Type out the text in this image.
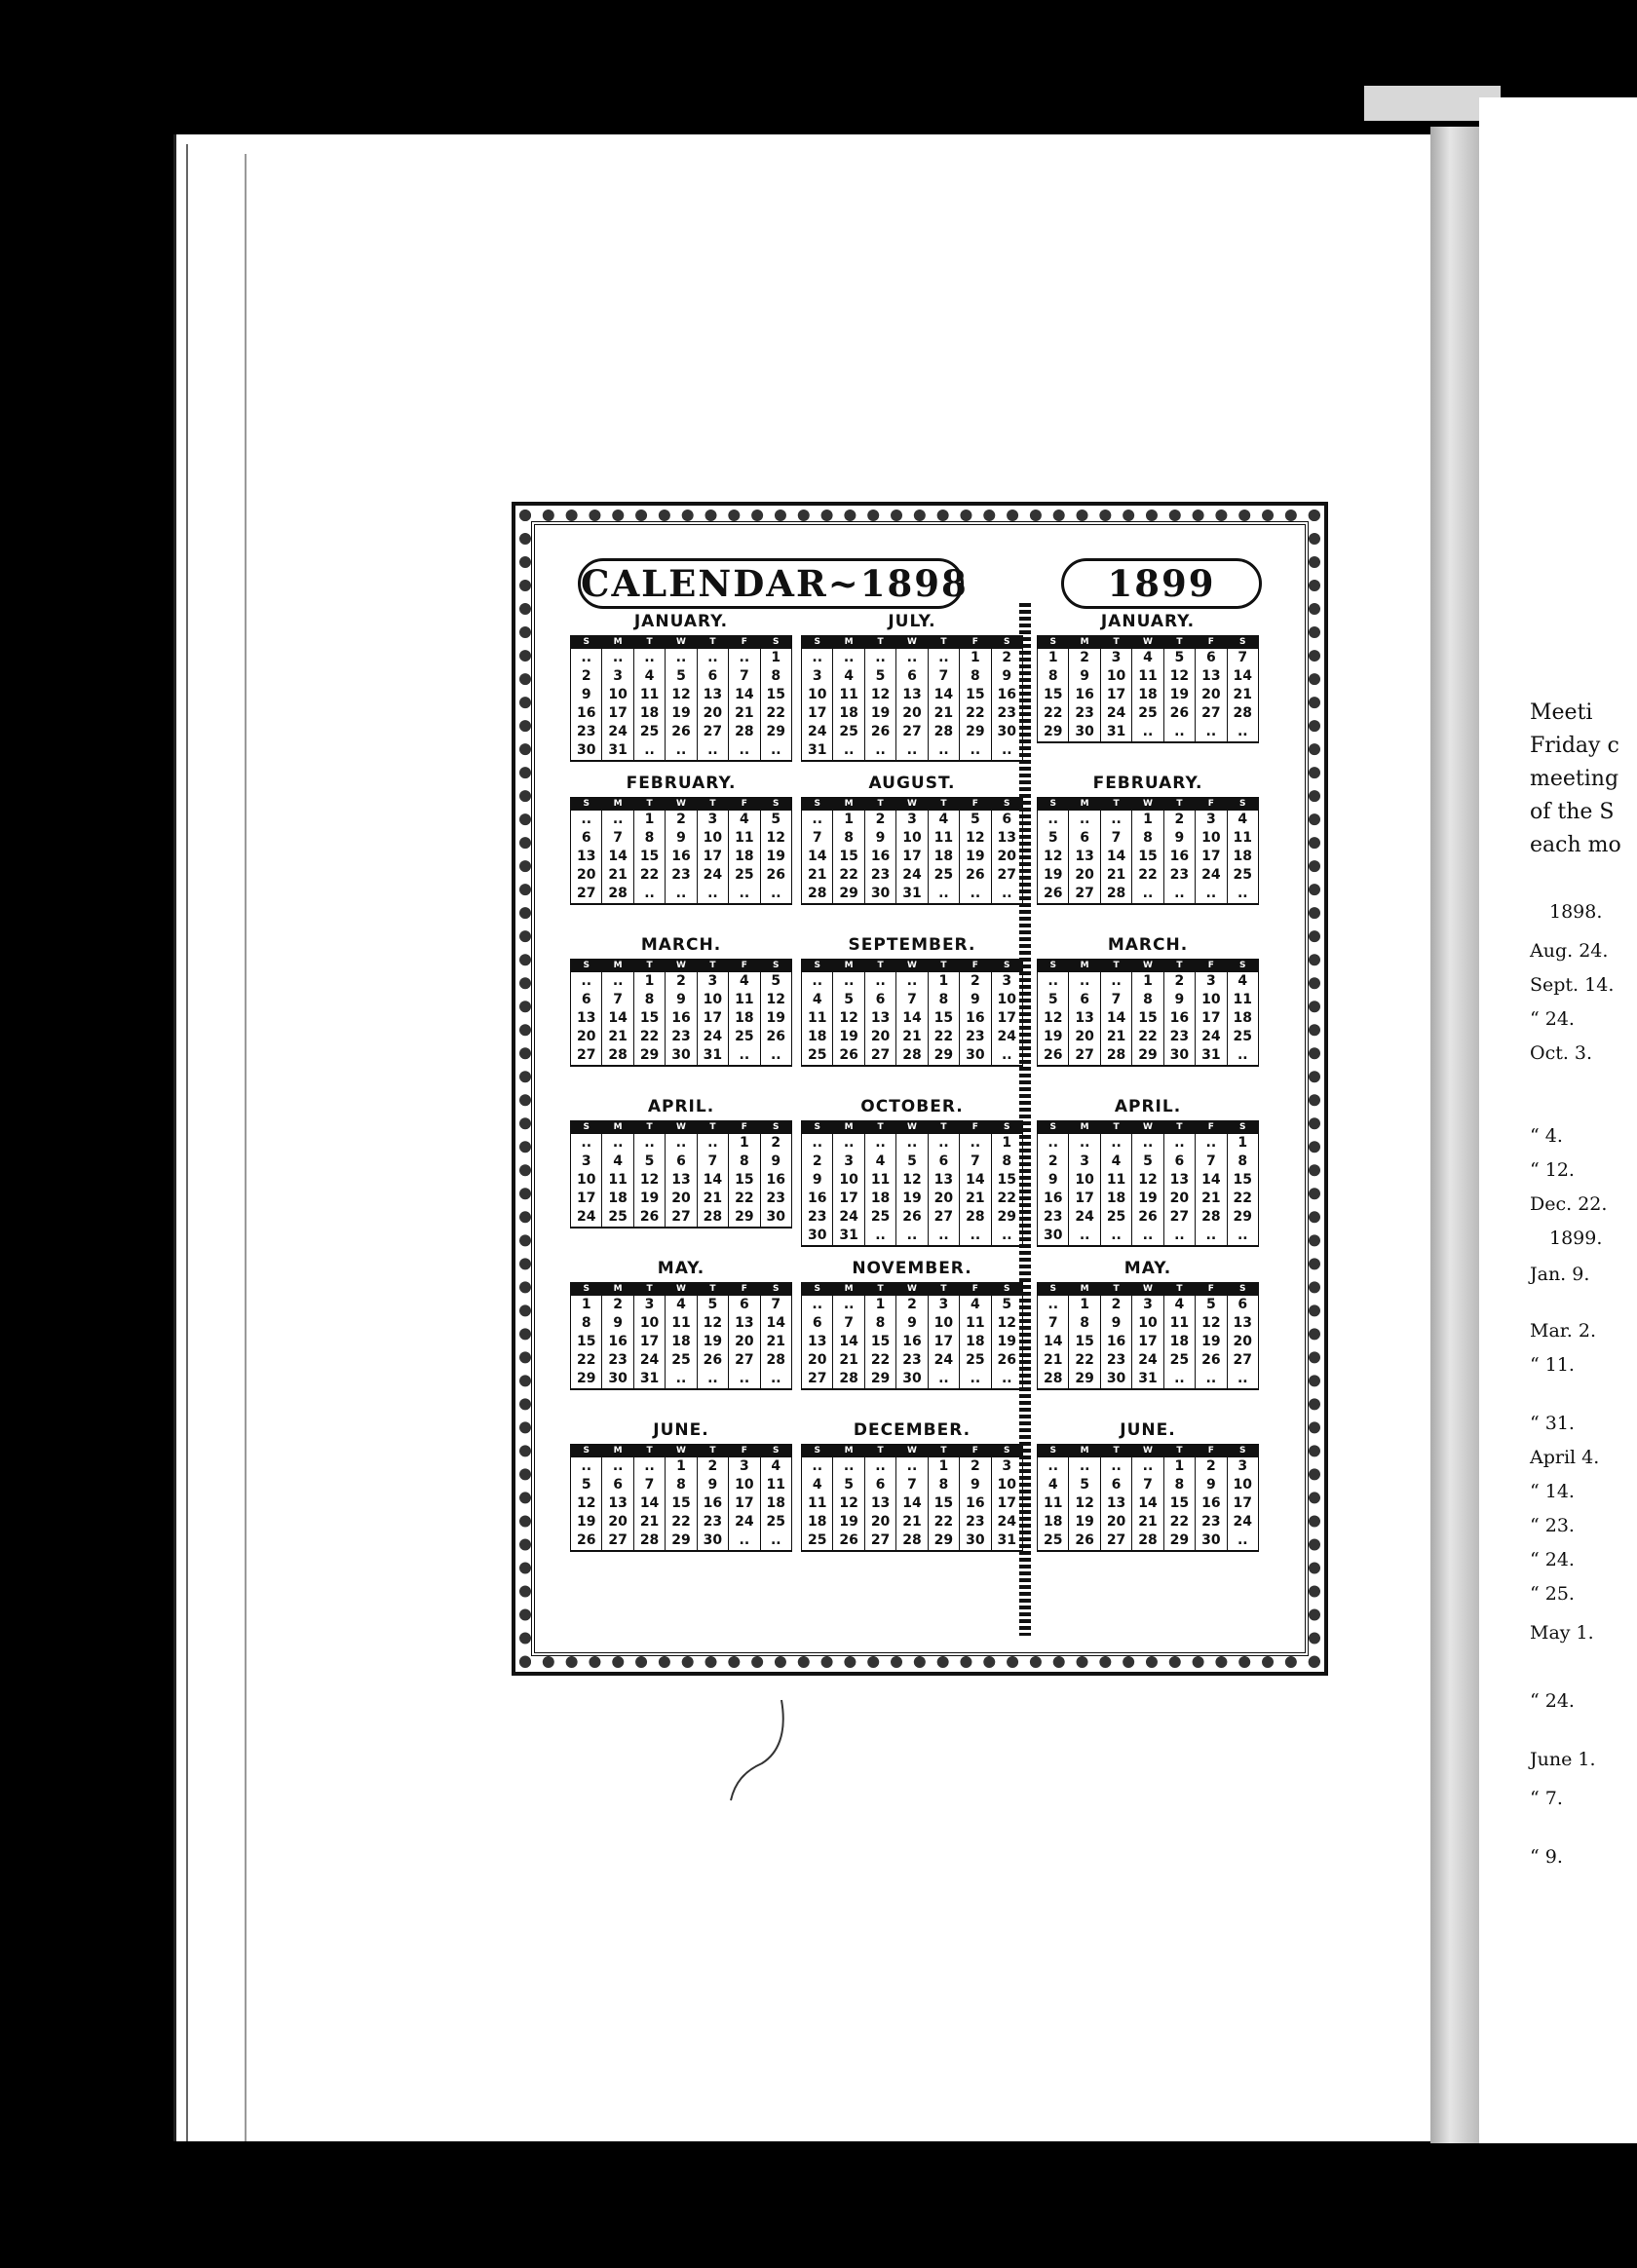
CALENDAR~1898	1899
JANUARY.
S	M	T	W	T	F	S
..	..	..	..	..	..	1
2	3	4	5	6	7	8
9	10	11	12	13	14	15
16	17	18	19	20	21	22
23	24	25	26	27	28	29
30	31	..	..	..	..	..
FEBRUARY.
S	M	T	W	T	F	S
..	..	1	2	3	4	5
6	7	8	9	10	11	12
13	14	15	16	17	18	19
20	21	22	23	24	25	26
27	28	..	..	..	..	..
MARCH.
S	M	T	W	T	F	S
..	..	1	2	3	4	5
6	7	8	9	10	11	12
13	14	15	16	17	18	19
20	21	22	23	24	25	26
27	28	29	30	31	..	..
APRIL.
S	M	T	W	T	F	S
..	..	..	..	..	1	2
3	4	5	6	7	8	9
10	11	12	13	14	15	16
17	18	19	20	21	22	23
24	25	26	27	28	29	30
MAY.
S	M	T	W	T	F	S
1	2	3	4	5	6	7
8	9	10	11	12	13	14
15	16	17	18	19	20	21
22	23	24	25	26	27	28
29	30	31	..	..	..	..
JUNE.
S	M	T	W	T	F	S
..	..	..	1	2	3	4
5	6	7	8	9	10	11
12	13	14	15	16	17	18
19	20	21	22	23	24	25
26	27	28	29	30	..	..
JULY.
S	M	T	W	T	F	S
..	..	..	..	..	1	2
3	4	5	6	7	8	9
10	11	12	13	14	15	16
17	18	19	20	21	22	23
24	25	26	27	28	29	30
31	..	..	..	..	..	..
AUGUST.
S	M	T	W	T	F	S
..	1	2	3	4	5	6
7	8	9	10	11	12	13
14	15	16	17	18	19	20
21	22	23	24	25	26	27
28	29	30	31	..	..	..
SEPTEMBER.
S	M	T	W	T	F	S
..	..	..	..	1	2	3
4	5	6	7	8	9	10
11	12	13	14	15	16	17
18	19	20	21	22	23	24
25	26	27	28	29	30	..
OCTOBER.
S	M	T	W	T	F	S
..	..	..	..	..	..	1
2	3	4	5	6	7	8
9	10	11	12	13	14	15
16	17	18	19	20	21	22
23	24	25	26	27	28	29
30	31	..	..	..	..	..
NOVEMBER.
S	M	T	W	T	F	S
..	..	1	2	3	4	5
6	7	8	9	10	11	12
13	14	15	16	17	18	19
20	21	22	23	24	25	26
27	28	29	30	..	..	..
DECEMBER.
S	M	T	W	T	F	S
..	..	..	..	1	2	3
4	5	6	7	8	9	10
11	12	13	14	15	16	17
18	19	20	21	22	23	24
25	26	27	28	29	30	31
JANUARY.
S	M	T	W	T	F	S
1	2	3	4	5	6	7
8	9	10	11	12	13	14
15	16	17	18	19	20	21
22	23	24	25	26	27	28
29	30	31	..	..	..	..
FEBRUARY.
S	M	T	W	T	F	S
..	..	..	1	2	3	4
5	6	7	8	9	10	11
12	13	14	15	16	17	18
19	20	21	22	23	24	25
26	27	28	..	..	..	..
MARCH.
S	M	T	W	T	F	S
..	..	..	1	2	3	4
5	6	7	8	9	10	11
12	13	14	15	16	17	18
19	20	21	22	23	24	25
26	27	28	29	30	31	..
APRIL.
S	M	T	W	T	F	S
..	..	..	..	..	..	1
2	3	4	5	6	7	8
9	10	11	12	13	14	15
16	17	18	19	20	21	22
23	24	25	26	27	28	29
30	..	..	..	..	..	..
MAY.
S	M	T	W	T	F	S
..	1	2	3	4	5	6
7	8	9	10	11	12	13
14	15	16	17	18	19	20
21	22	23	24	25	26	27
28	29	30	31	..	..	..
JUNE.
S	M	T	W	T	F	S
..	..	..	..	1	2	3
4	5	6	7	8	9	10
11	12	13	14	15	16	17
18	19	20	21	22	23	24
25	26	27	28	29	30	..
Meeti
Friday c
meeting
of the S
each mo
1898.
Aug. 24.
Sept. 14.
“ 24.
Oct. 3.
“ 4.
“ 12.
Dec. 22.
1899.
Jan. 9.
Mar. 2.
“ 11.
“ 31.
April 4.
“ 14.
“ 23.
“ 24.
“ 25.
May 1.
“ 24.
June 1.
“ 7.
“ 9.
